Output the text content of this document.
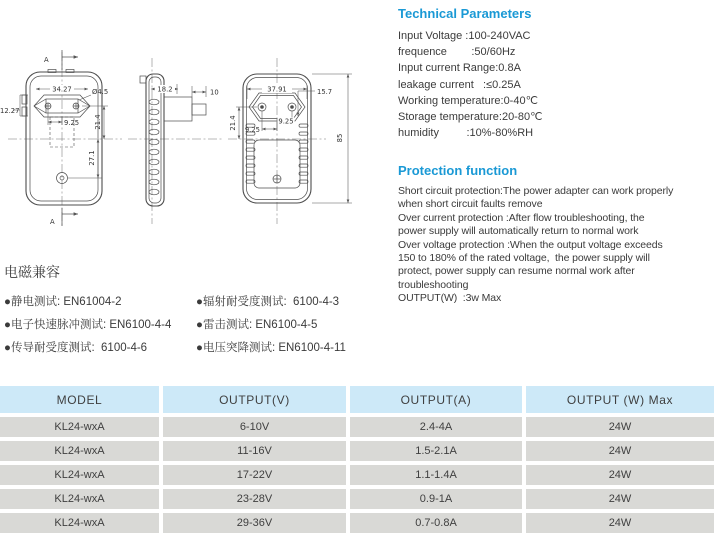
A
A
34.27	Ø4.5
12.27
9.25 21.4
27.1
18.2	10	37.91	15.7
21.4	9.25
9.25
85
Technical Parameters
Input Voltage :100-240VAC
frequence        :50/60Hz
Input current Range:0.8A
leakage current   :≤0.25A
Working temperature:0-40℃
Storage temperature:20-80℃
humidity         :10%-80%RH
Protection function
Short circuit protection:The power adapter can work properly
when short circuit faults remove
Over current protection :After flow troubleshooting, the
power supply will automatically return to normal work
Over voltage protection :When the output voltage exceeds
150 to 180% of the rated voltage,  the power supply will
protect, power supply can resume normal work after
troubleshooting
OUTPUT(W)  :3w Max
电磁兼容
●静电测试: EN61004-2
●电子快速脉冲测试: EN6100-4-4
●传导耐受度测试:  6100-4-6
●辐射耐受度测试:  6100-4-3
●雷击测试: EN6100-4-5
●电压突降测试: EN6100-4-11
MODEL	OUTPUT(V)	OUTPUT(A)	OUTPUT (W) Max
KL24-wxA	6-10V	2.4-4A	24W
KL24-wxA	11-16V	1.5-2.1A	24W
KL24-wxA	17-22V	1.1-1.4A	24W
KL24-wxA	23-28V	0.9-1A	24W
KL24-wxA	29-36V	0.7-0.8A	24W
